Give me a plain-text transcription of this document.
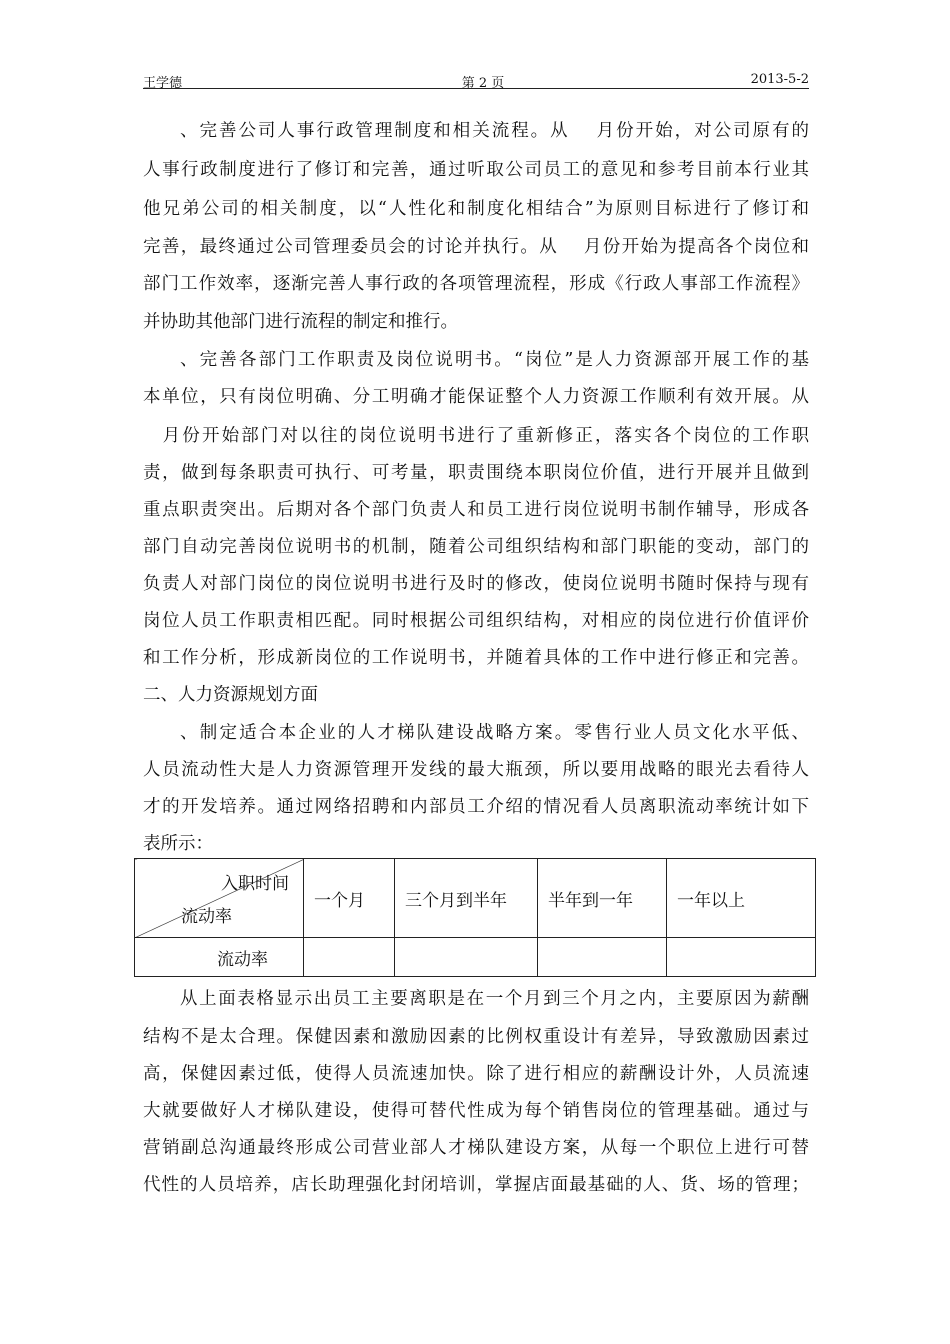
王学德	第 2 页	2013-5-2
、完善公司人事行政管理制度和相关流程。从 　月份开始，对公司原有的
人事行政制度进行了修订和完善，通过听取公司员工的意见和参考目前本行业其
他兄弟公司的相关制度，以“人性化和制度化相结合”为原则目标进行了修订和
完善，最终通过公司管理委员会的讨论并执行。从 　月份开始为提高各个岗位和
部门工作效率，逐渐完善人事行政的各项管理流程，形成《行政人事部工作流程》
并协助其他部门进行流程的制定和推行。
、完善各部门工作职责及岗位说明书。“岗位”是人力资源部开展工作的基
本单位，只有岗位明确、分工明确才能保证整个人力资源工作顺利有效开展。从
　月份开始部门对以往的岗位说明书进行了重新修正，落实各个岗位的工作职
责，做到每条职责可执行、可考量，职责围绕本职岗位价值，进行开展并且做到
重点职责突出。后期对各个部门负责人和员工进行岗位说明书制作辅导，形成各
部门自动完善岗位说明书的机制，随着公司组织结构和部门职能的变动，部门的
负责人对部门岗位的岗位说明书进行及时的修改，使岗位说明书随时保持与现有
岗位人员工作职责相匹配。同时根据公司组织结构，对相应的岗位进行价值评价
和工作分析，形成新岗位的工作说明书，并随着具体的工作中进行修正和完善。
二、人力资源规划方面
、制定适合本企业的人才梯队建设战略方案。零售行业人员文化水平低、
人员流动性大是人力资源管理开发线的最大瓶颈，所以要用战略的眼光去看待人
才的开发培养。通过网络招聘和内部员工介绍的情况看人员离职流动率统计如下
表所示：
入职时间
流动率	一个月	三个月到半年	半年到一年	一年以上
流动率				
从上面表格显示出员工主要离职是在一个月到三个月之内，主要原因为薪酬
结构不是太合理。保健因素和激励因素的比例权重设计有差异，导致激励因素过
高，保健因素过低，使得人员流速加快。除了进行相应的薪酬设计外，人员流速
大就要做好人才梯队建设，使得可替代性成为每个销售岗位的管理基础。通过与
营销副总沟通最终形成公司营业部人才梯队建设方案，从每一个职位上进行可替
代性的人员培养，店长助理强化封闭培训，掌握店面最基础的人、货、场的管理；
